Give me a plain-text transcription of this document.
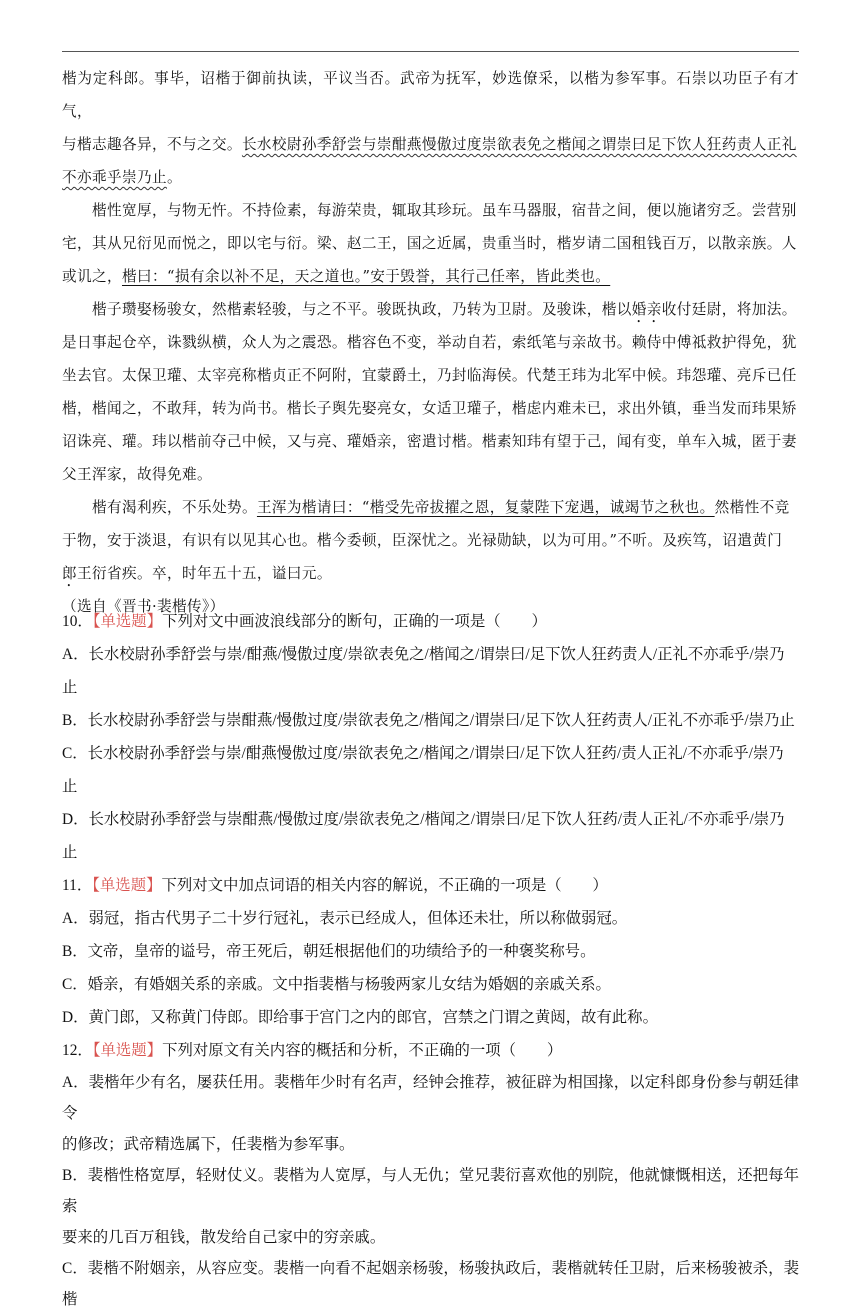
楷为定科郎。事毕，诏楷于御前执读，平议当否。武帝为抚军，妙选僚采，以楷为参军事。石崇以功臣子有才气，
与楷志趣各异，不与之交。长水校尉孙季舒尝与崇酣燕慢傲过度崇欲表免之楷闻之谓崇曰足下饮人狂药责人正礼
不亦乖乎崇乃止。

楷性宽厚，与物无忤。不持俭素，每游荣贵，辄取其珍玩。虽车马器服，宿昔之间，便以施诸穷乏。尝营别
宅，其从兄衍见而悦之，即以宅与衍。梁、赵二王，国之近属，贵重当时，楷岁请二国租钱百万，以散亲族。人
或讥之，楷曰：“损有余以补不足，天之道也。”安于毁誉，其行己任率，皆此类也。

楷子瓒娶杨骏女，然楷素轻骏，与之不平。骏既执政，乃转为卫尉。及骏诛，楷以婚亲收付廷尉，将加法。
是日事起仓卒，诛戮纵横，众人为之震恐。楷容色不变，举动自若，索纸笔与亲故书。赖侍中傅祗救护得免，犹
坐去官。太保卫瓘、太宰亮称楷贞正不阿附，宜蒙爵土，乃封临海侯。代楚王玮为北军中候。玮怨瓘、亮斥已任
楷，楷闻之，不敢拜，转为尚书。楷长子舆先娶亮女，女适卫瓘子，楷虑内难未已，求出外镇，垂当发而玮果矫
诏诛亮、瓘。玮以楷前夺己中候，又与亮、瓘婚亲，密遣讨楷。楷素知玮有望于己，闻有变，单车入城，匿于妻
父王浑家，故得免难。

楷有渴利疾，不乐处势。王浑为楷请曰：“楷受先帝拔擢之恩，复蒙陛下宠遇，诚竭节之秋也。然楷性不竞
于物，安于淡退，有识有以见其心也。楷今委顿，臣深忧之。光禄勋缺，以为可用。”不听。及疾笃，诏遣黄门
郎王衍省疾。卒，时年五十五，谥曰元。

（选自《晋书·裴楷传》）

10．【单选题】下列对文中画波浪线部分的断句，正确的一项是（　　）

A．长水校尉孙季舒尝与崇/酣燕/慢傲过度/崇欲表免之/楷闻之/谓崇曰/足下饮人狂药责人/正礼不亦乖乎/崇乃止

B．长水校尉孙季舒尝与崇酣燕/慢傲过度/崇欲表免之/楷闻之/谓崇曰/足下饮人狂药责人/正礼不亦乖乎/崇乃止

C．长水校尉孙季舒尝与崇/酣燕慢傲过度/崇欲表免之/楷闻之/谓崇曰/足下饮人狂药/责人正礼/不亦乖乎/崇乃止

D．长水校尉孙季舒尝与崇酣燕/慢傲过度/崇欲表免之/楷闻之/谓崇曰/足下饮人狂药/责人正礼/不亦乖乎/崇乃止

11．【单选题】下列对文中加点词语的相关内容的解说，不正确的一项是（　　）

A．弱冠，指古代男子二十岁行冠礼，表示已经成人，但体还未壮，所以称做弱冠。

B．文帝，皇帝的谥号，帝王死后，朝廷根据他们的功绩给予的一种褒奖称号。

C．婚亲，有婚姻关系的亲戚。文中指裴楷与杨骏两家儿女结为婚姻的亲戚关系。

D．黄门郎，又称黄门侍郎。即给事于宫门之内的郎官，宫禁之门谓之黄闼，故有此称。

12．【单选题】下列对原文有关内容的概括和分析，不正确的一项（　　）

A．裴楷年少有名，屡获任用。裴楷年少时有名声，经钟会推荐，被征辟为相国掾，以定科郎身份参与朝廷律令

的修改；武帝精选属下，任裴楷为参军事。

B．裴楷性格宽厚，轻财仗义。裴楷为人宽厚，与人无仇；堂兄裴衍喜欢他的别院，他就慷慨相送，还把每年索

要来的几百万租钱，散发给自己家中的穷亲戚。

C．裴楷不附姻亲，从容应变。裴楷一向看不起姻亲杨骏，杨骏执政后，裴楷就转任卫尉，后来杨骏被杀，裴楷
